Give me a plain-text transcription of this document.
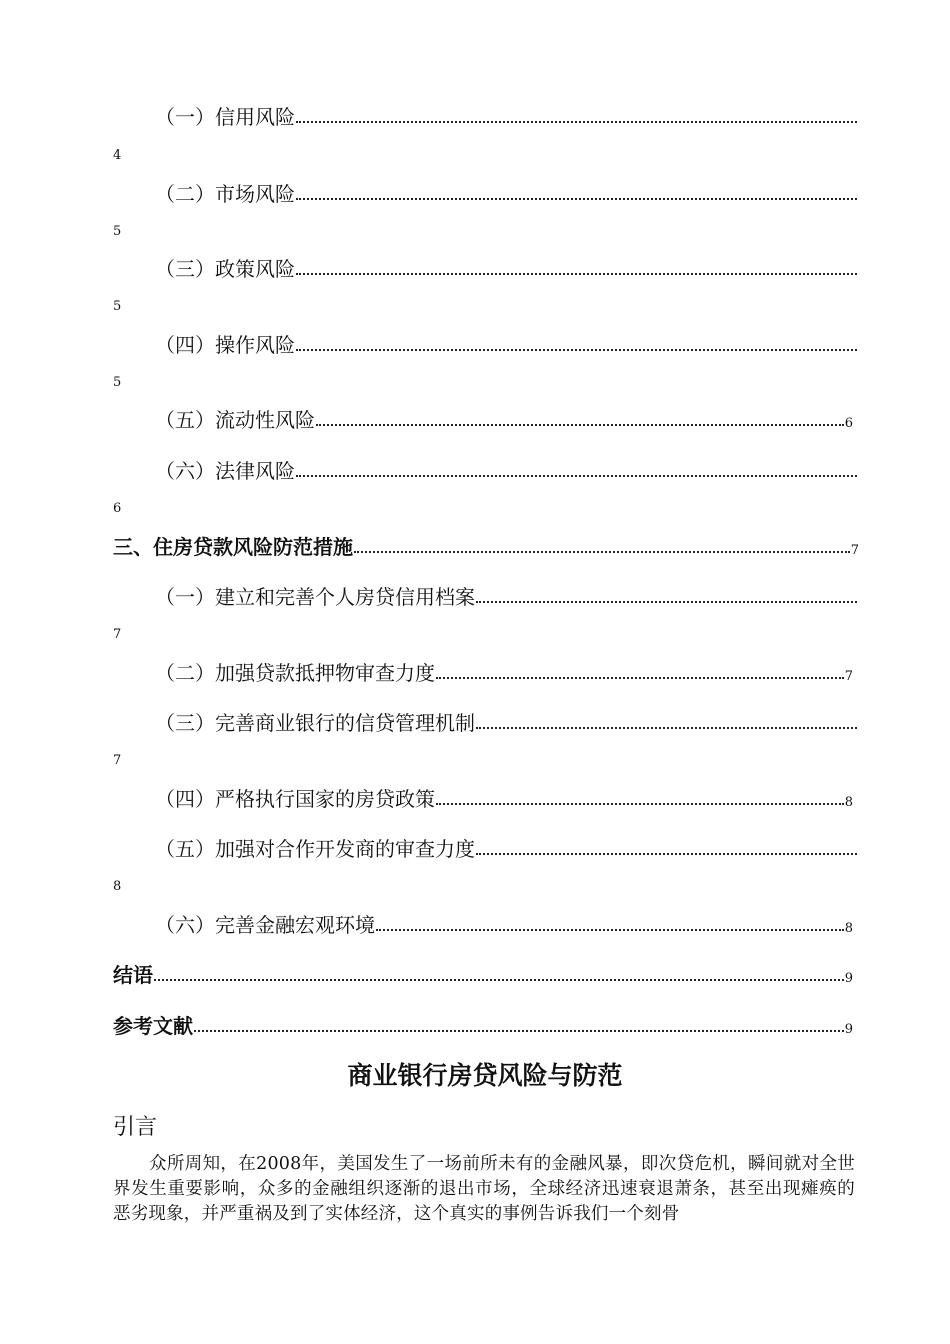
（一）信用风险
4
（二）市场风险
5
（三）政策风险
5
（四）操作风险
5
（五）流动性风险	6
（六）法律风险
6
三、住房贷款风险防范措施	7
（一）建立和完善个人房贷信用档案
7
（二）加强贷款抵押物审查力度	7
（三）完善商业银行的信贷管理机制
7
（四）严格执行国家的房贷政策	8
（五）加强对合作开发商的审查力度
8
（六）完善金融宏观环境	8
结语	9
参考文献	9
商业银行房贷风险与防范
引言

众所周知，在2008年，美国发生了一场前所未有的金融风暴，即次贷危机，瞬间就对全世界发生重要影响，众多的金融组织逐渐的退出市场，全球经济迅速衰退萧条，甚至出现瘫痪的恶劣现象，并严重祸及到了实体经济，这个真实的事例告诉我们一个刻骨
